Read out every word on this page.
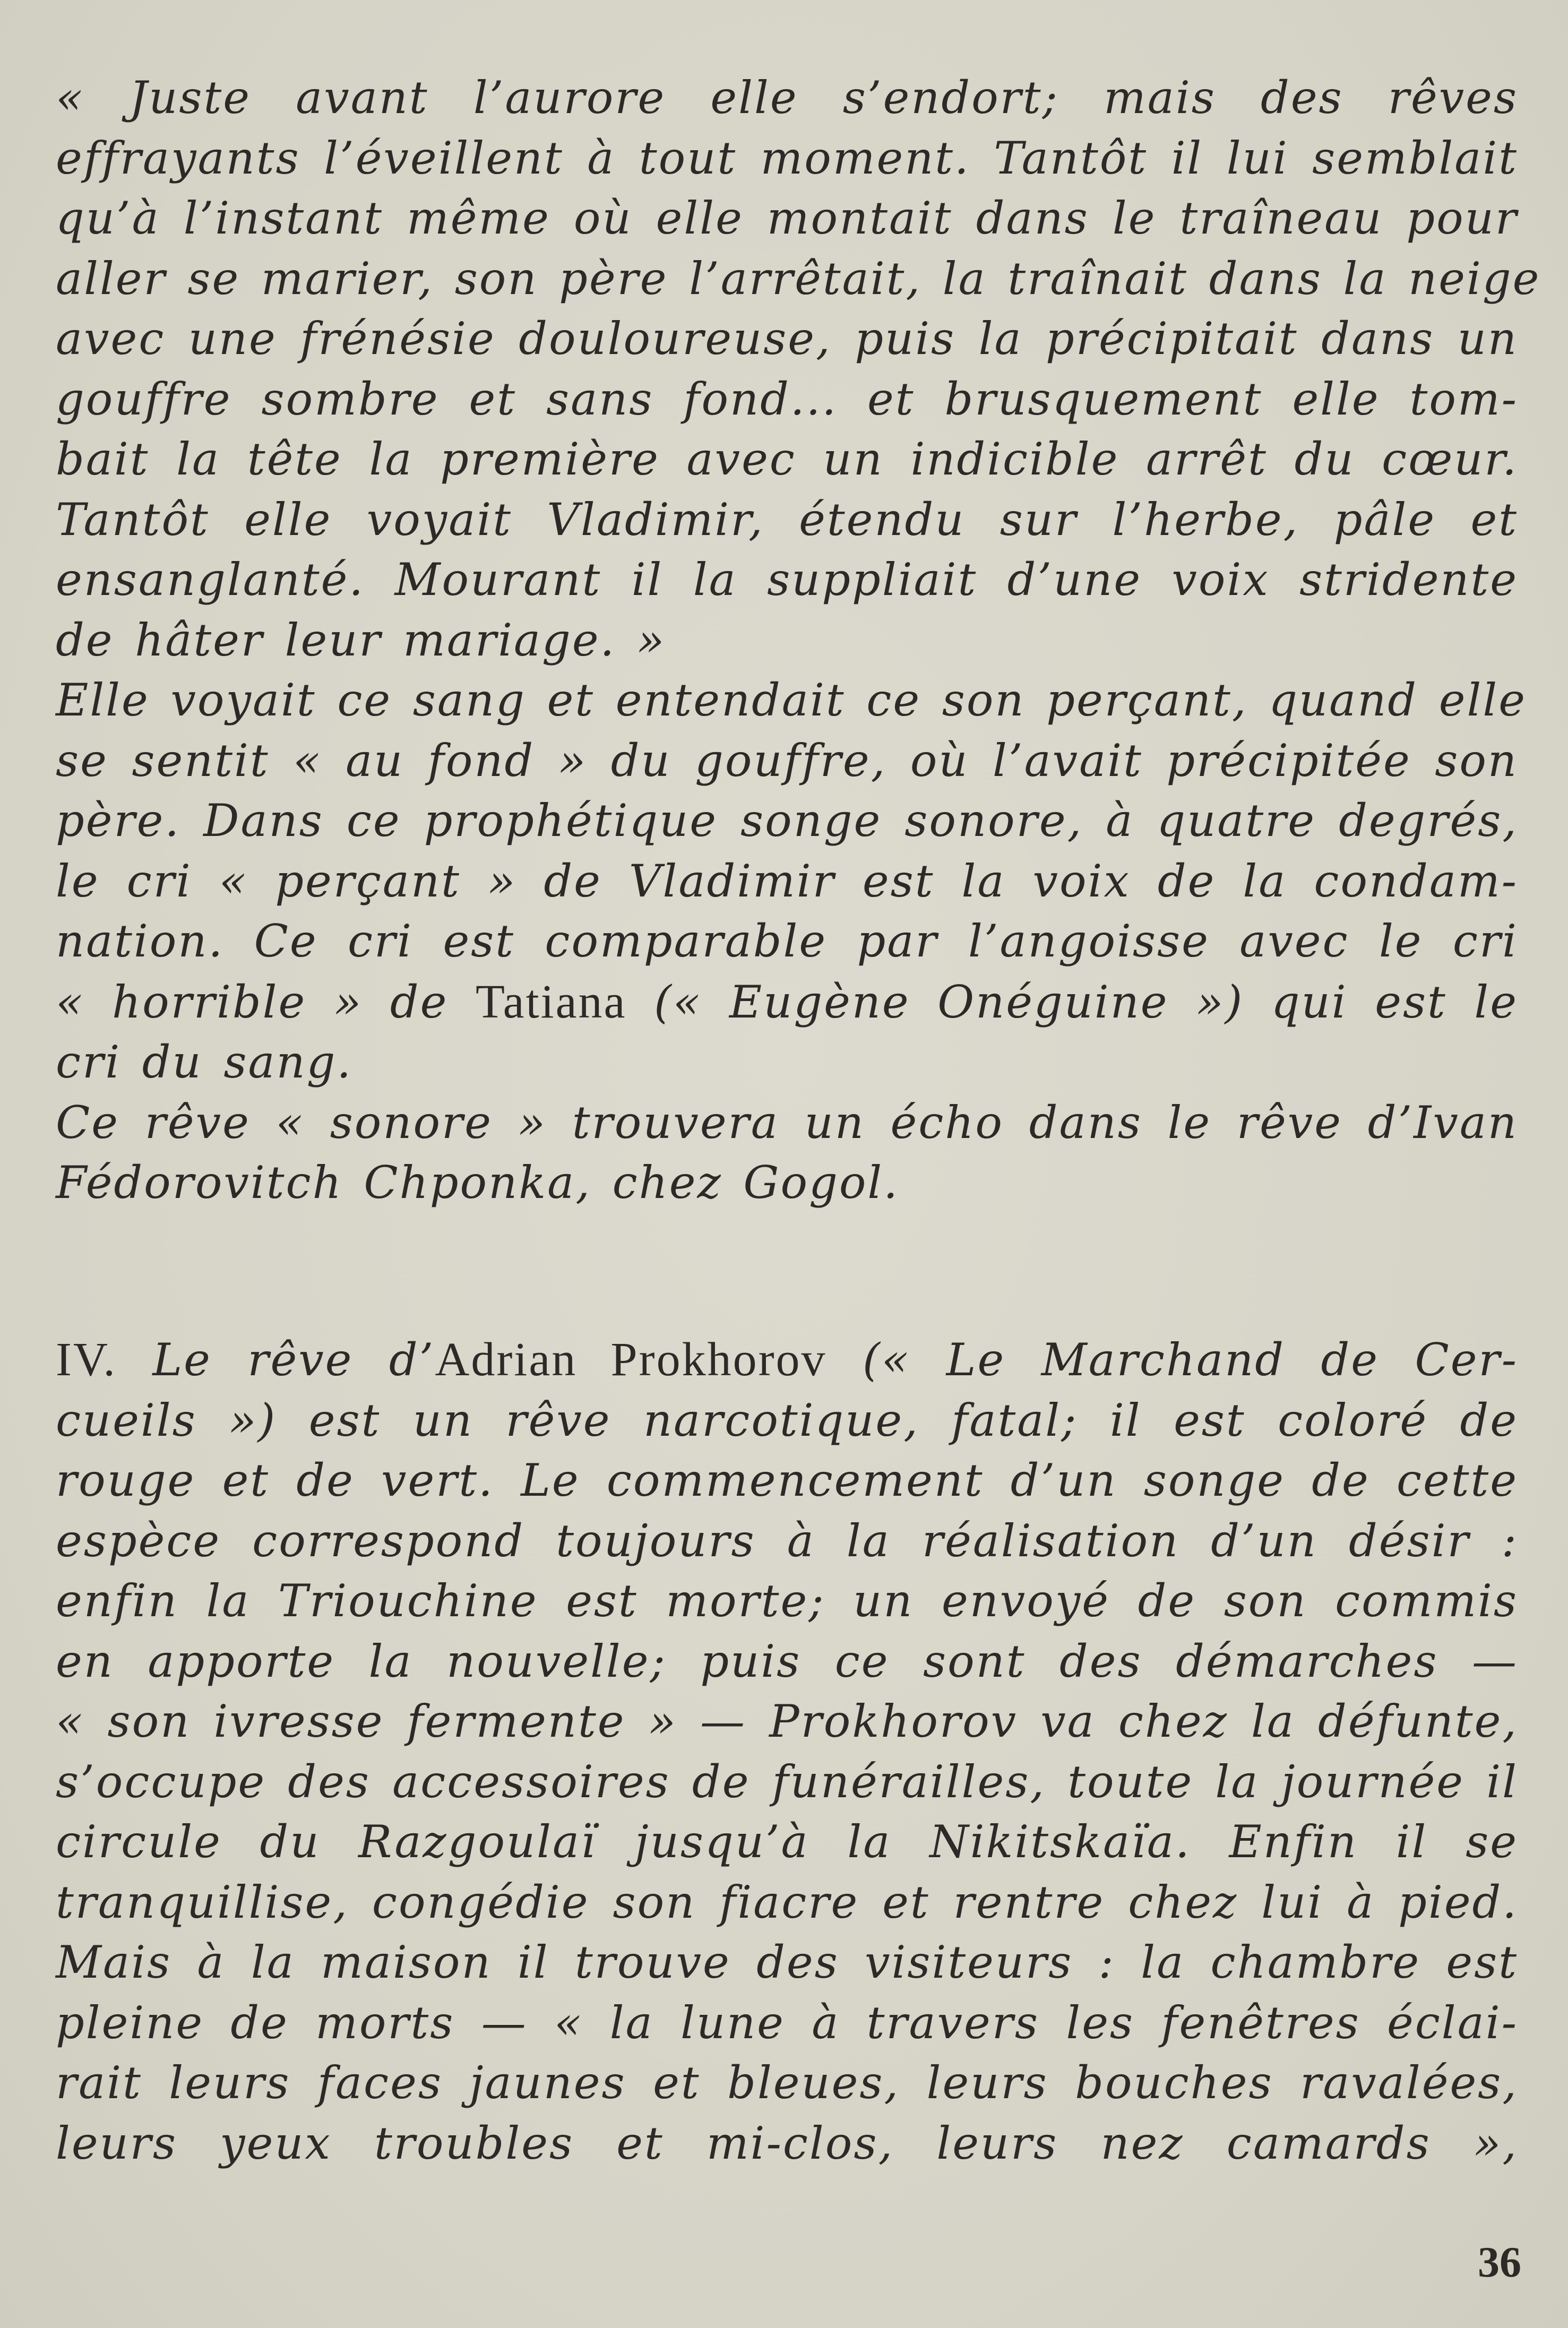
« Juste avant l’aurore elle s’endort; mais des rêves
effrayants l’éveillent à tout moment. Tantôt il lui semblait
qu’à l’instant même où elle montait dans le traîneau pour
aller se marier, son père l’arrêtait, la traînait dans la neige
avec une frénésie douloureuse, puis la précipitait dans un
gouffre sombre et sans fond... et brusquement elle tom-
bait la tête la première avec un indicible arrêt du cœur.
Tantôt elle voyait Vladimir, étendu sur l’herbe, pâle et
ensanglanté. Mourant il la suppliait d’une voix stridente
de hâter leur mariage. »
Elle voyait ce sang et entendait ce son perçant, quand elle
se sentit « au fond » du gouffre, où l’avait précipitée son
père. Dans ce prophétique songe sonore, à quatre degrés,
le cri « perçant » de Vladimir est la voix de la condam-
nation. Ce cri est comparable par l’angoisse avec le cri
« horrible » de Tatiana (« Eugène Onéguine ») qui est le
cri du sang.
Ce rêve « sonore » trouvera un écho dans le rêve d’Ivan
Fédorovitch Chponka, chez Gogol.
IV. Le rêve d’Adrian Prokhorov (« Le Marchand de Cer-
cueils ») est un rêve narcotique, fatal; il est coloré de
rouge et de vert. Le commencement d’un songe de cette
espèce correspond toujours à la réalisation d’un désir :
enfin la Triouchine est morte; un envoyé de son commis
en apporte la nouvelle; puis ce sont des démarches —
« son ivresse fermente » — Prokhorov va chez la défunte,
s’occupe des accessoires de funérailles, toute la journée il
circule du Razgoulaï jusqu’à la Nikitskaïa. Enfin il se
tranquillise, congédie son fiacre et rentre chez lui à pied.
Mais à la maison il trouve des visiteurs : la chambre est
pleine de morts — « la lune à travers les fenêtres éclai-
rait leurs faces jaunes et bleues, leurs bouches ravalées,
leurs yeux troubles et mi-clos, leurs nez camards »,
36
